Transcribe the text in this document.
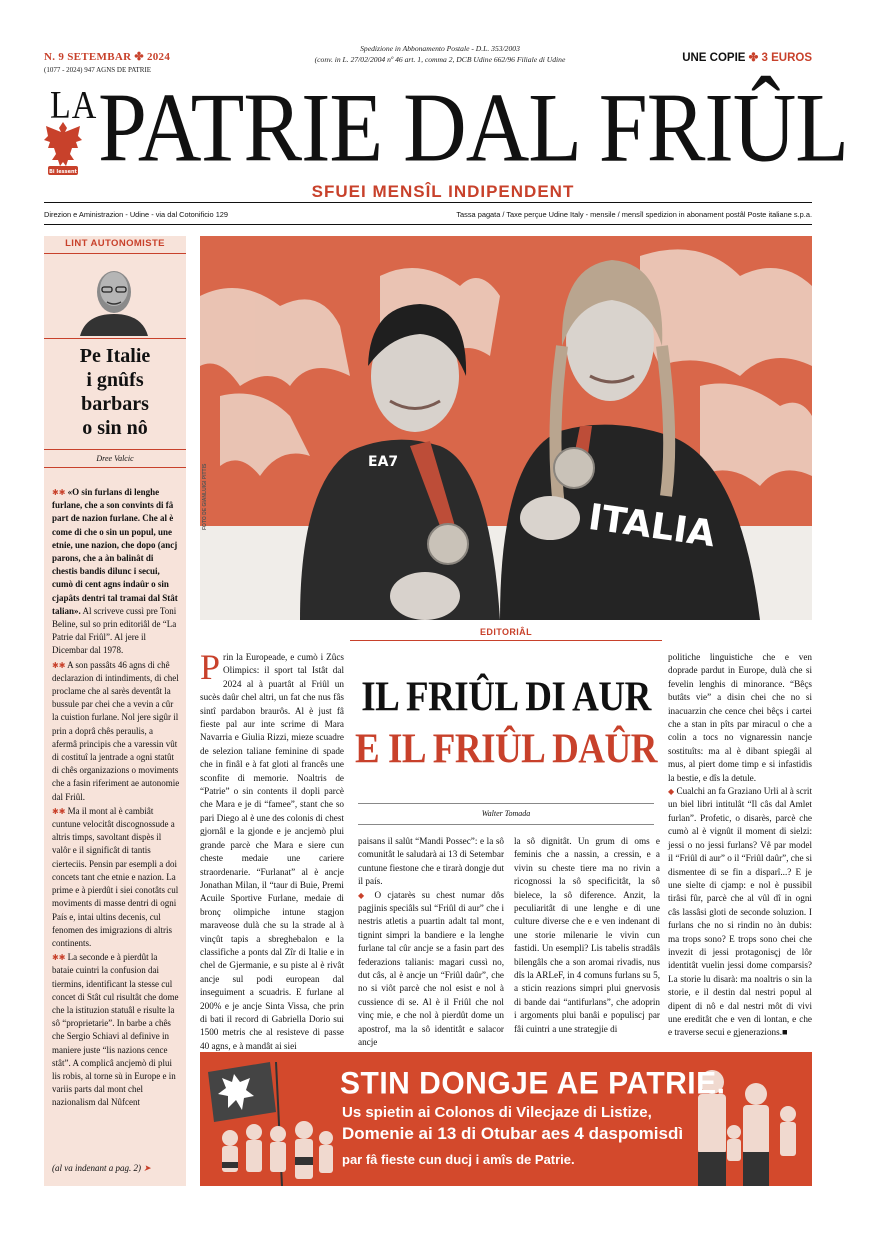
N. 9 SETEMBAR ✤ 2024
(1077 - 2024) 947 AGNS DE PATRIE
Spedizione in Abbonamento Postale - D.L. 353/2003
(conv. in L. 27/02/2004 nº 46 art. 1, comma 2, DCB Udine 662/96 Filiale di Udine	UNE COPIE ✤ 3 EUROS
Bi Iessent
LA PATRIE DAL FRIÛL
SFUEI MENSÎL INDIPENDENT
Direzion e Aministrazion - Udine - via dal Cotonificio 129	Tassa pagata / Taxe perçue Udine Italy - mensile / mensîl spedizion in abonament postâl Poste italiane s.p.a.
LINT AUTONOMISTE
Pe Italie
i gnûfs
barbars
o sin nô
Dree Valcic

✱✱ «O sin furlans di lenghe furlane, che a son convints di fâ part de nazion furlane. Che al è come di che o sin un popul, une etnie, une nazion, che dopo (ancj parons, che a àn balinât di chestis bandis dilunc i secui, cumò di cent agns indaûr o sin cjapâts dentri tal tramai dal Stât talian». Al scriveve cussì pre Toni Beline, sul so prin editoriâl de “La Patrie dal Friûl”. Al jere il Dicembar dal 1978.

✱✱ A son passâts 46 agns di chê declarazion di intindiments, di chel proclame che al sarès deventât la bussule par chei che a vevin a cûr la cuistion furlane. Nol jere sigûr il prin a doprâ chês peraulis, a afermâ principis che a varessin vût di costituî la jentrade a ogni statût di chês organizazions o moviments che a fasin riferiment ae autonomie dal Friûl.

✱✱ Ma il mont al è cambiât cuntune velocitât discognossude a altris timps, savoltant dispès il valôr e il significât di tantis cierteciis. Pensin par esempli a doi concets tant che etnie e nazion. La prime e à pierdût i siei conotâts cul moviments di masse dentri di ogni País e, intai ultins decenis, cul fenomen des imigrazions di altris continents.

✱✱ La seconde e à pierdût la bataie cuintri la confusion dai tiermins, identificant la stesse cul concet di Stât cul risultât che dome che la istituzion statuâl e risulte la sô “proprietarie”. In barbe a chês che Sergio Schiavi al definive in maniere juste “lis nazions cence stât”. A complicâ ancjemò di plui lis robis, al torne sù in Europe e in variis parts dal mont chel nazionalism dal Nûfcent

(al va indenant a pag. 2) ➤
EA7
ITALIA
FOTO DE GIANLUIGI PITTIS
EDITORIÂL
IL FRIÛL DI AUR
E IL FRIÛL DAÛR
Walter Tomada

Prin la Europeade, e cumò i Zûcs Olimpics: il sport tal Istât dal 2024 al à puartât al Friûl un sucès daûr chel altri, un fat che nus fâs sintî pardabon braurôs. Al è just fâ fieste pal aur inte scrime di Mara Navarria e Giulia Rizzi, mieze scuadre de selezion taliane feminine di spade che in finâl e à fat gloti al francês une sconfite di memorie. Noaltris de “Patrie” o sin contents il dopli parcè che Mara e je di “famee”, stant che so pari Diego al è une des colonis di chest gjornâl e la gjonde e je ancjemò plui grande parcè che Mara e siere cun cheste medaie une cariere straordenarie. “Furlanat” al è ancje Jonathan Milan, il “taur di Buie, Premi Acuile Sportive Furlane, medaie di bronç olimpiche intune stagjon maraveose dulà che su la strade al à vinçût tapis a sbreghebalon e la classifiche a ponts dal Zîr di Italie e in chel de Gjermanie, e su piste al è rivât ancje sul podi european dal inseguiment a scuadris. E furlane al 200% e je ancje Sinta Vissa, che prin di bati il record di Gabriella Dorio sui 1500 metris che al resisteve di passe 40 agns, e à mandât ai siei

paisans il salût “Mandi Possec”: e la sô comunitât le saludarà ai 13 di Setembar cuntune fiestone che e tirarà dongje dut il país.

◆ O cjatarès su chest numar dôs pagjinis speciâls sul “Friûl di aur” che i nestris atletis a puartin adalt tal mont, tignint simpri la bandiere e la lenghe furlane tal cûr ancje se a fasin part des federazions talianis: magari cussì no, dut câs, al è ancje un “Friûl daûr”, che no si viôt parcè che nol esist e nol à cussience di se. Al è il Friûl che nol vinç mie, e che nol à pierdût dome un apostrof, ma la sô identitât e salacor ancje

la sô dignitât. Un grum di oms e feminis che a nassin, a cressin, e a vivin su cheste tiere ma no rivin a ricognossi la sô specificitât, la sô bielece, la sô diference. Anzit, la peculiaritât di une lenghe e di une culture diverse che e e ven indenant di une storie milenarie le vivin cun fastidi. Un esempli? Lis tabelis stradâls bilengâls che a son aromai rivadis, nus dîs la ARLeF, in 4 comuns furlans su 5, a sticin reazions simpri plui gnervosis di bande dai “antifurlans”, che adoprin i argoments plui banâi e populiscj par fâi cuintri a une strategjie di

politiche linguistiche che e ven doprade pardut in Europe, dulà che si fevelin lenghis di minorance. “Bêçs butâts vie” a disin chei che no si inacuarzin che cence chei bêçs i cartei che a stan in pîts par miracul o che a colin a tocs no vignaressin nancje sostituîts: ma al è dibant spiegâi al mus, al piert dome timp e si infastidìs la bestie, e dîs la detule.

◆ Cualchi an fa Graziano Urli al à scrit un biel libri intitulât “Il câs dal Amlet furlan”. Profetic, o disarès, parcè che cumò al è vignût il moment di sielzi: jessi o no jessi furlans? Vê par model il “Friûl di aur” o il “Friûl daûr”, che si dismentee di se fin a disparî...? E je une sielte di cjamp: e nol è pussibil tirâsi fûr, parcè che al vûl dî in ogni câs lassâsi gloti de seconde soluzion. I furlans che no si rindin no àn dubis: ma trops sono? E trops sono chei che invezit di jessi protagonisçj de lôr identitât vuelin jessi dome comparsis? La storie lu disarà: ma noaltris o sin la storie, e il destin dal nestri popul al dipent di nô e dal nestri môt di vivi une ereditât che e ven di lontan, e che e traverse secui e gjenerazions.■

STIN DONGJE AE PATRIE.
Us spietin ai Colonos di Vilecjaze di Listize,
Domenie ai 13 di Otubar aes 4 daspomisdì
par fâ fieste cun ducj i amîs de Patrie.
